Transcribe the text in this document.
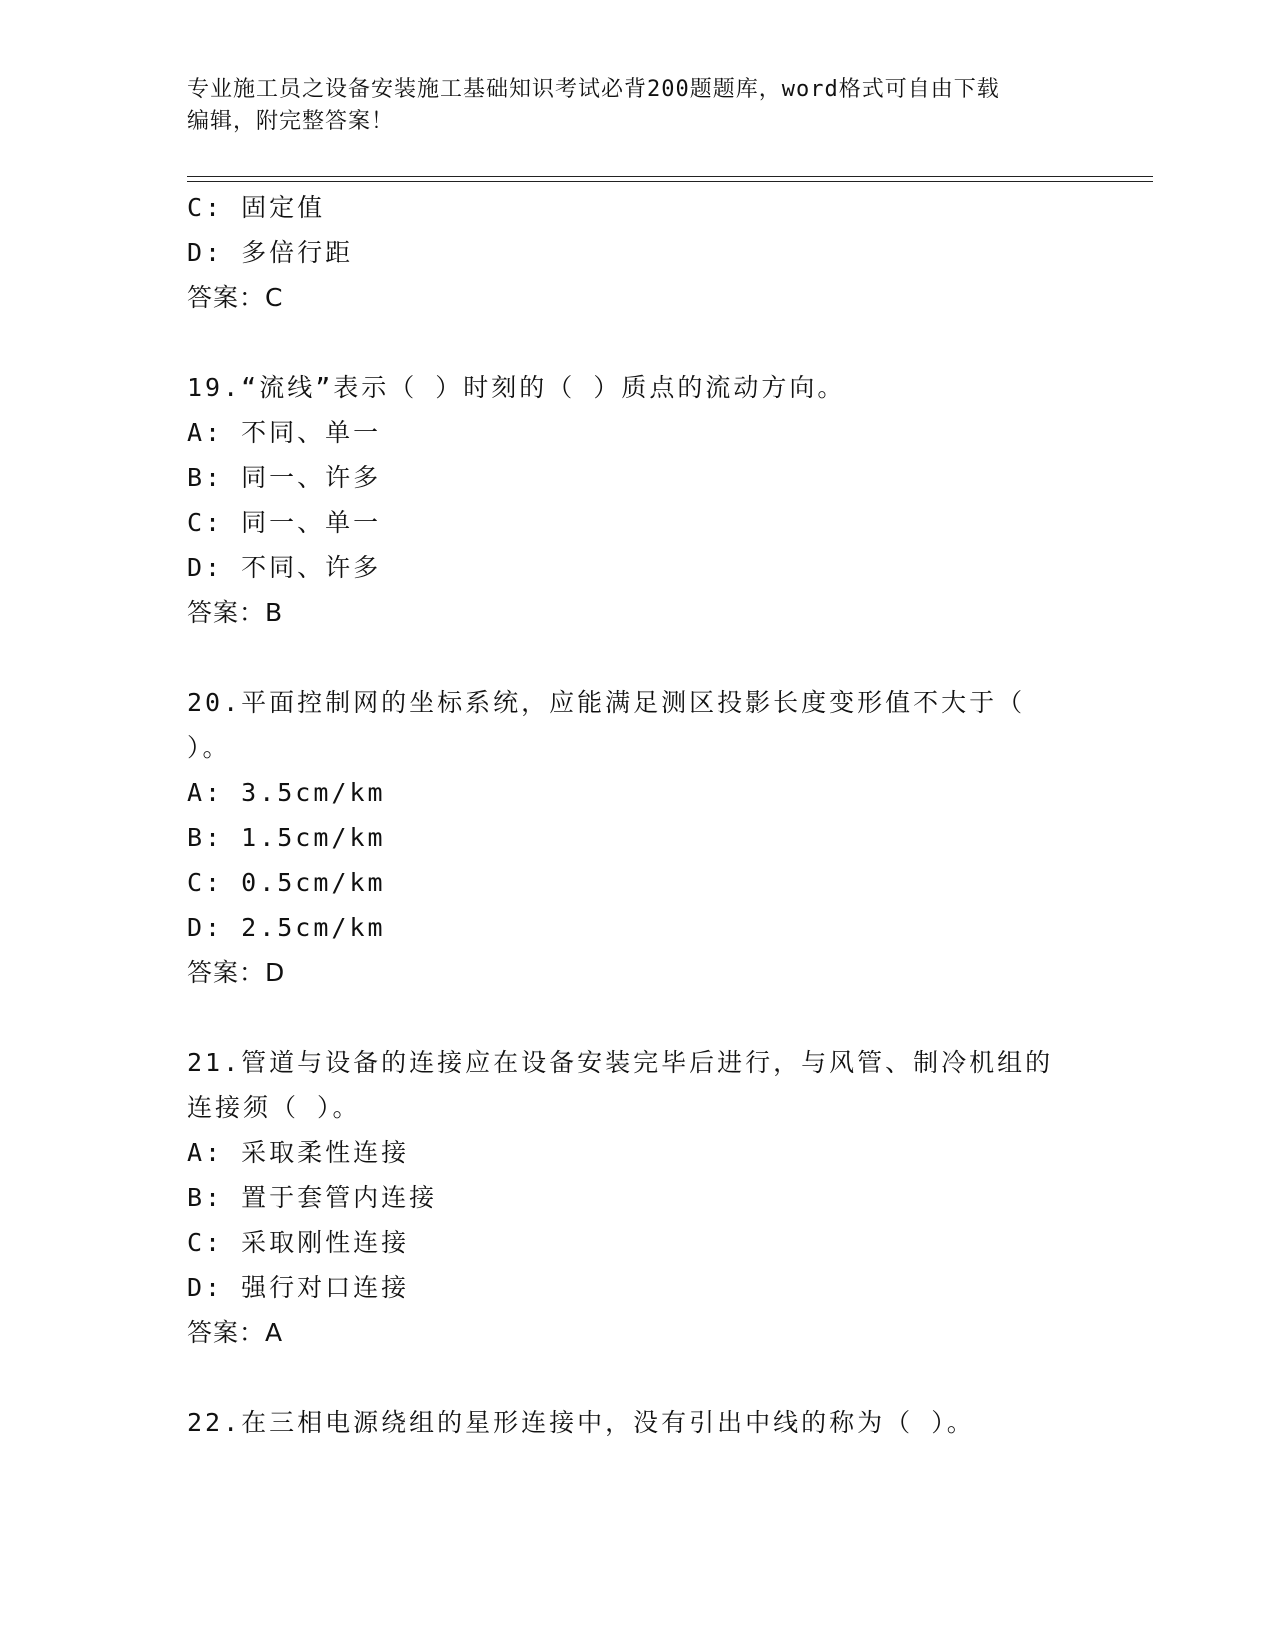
专业施工员之设备安装施工基础知识考试必背200题题库，word格式可自由下载
编辑，附完整答案！
C: 固定值
D: 多倍行距
答案：C
19.“流线”表示（ ）时刻的（ ）质点的流动方向。
A: 不同、单一
B: 同一、许多
C: 同一、单一
D: 不同、许多
答案：B
20.平面控制网的坐标系统，应能满足测区投影长度变形值不大于（
）。
A: 3.5cm/km
B: 1.5cm/km
C: 0.5cm/km
D: 2.5cm/km
答案：D
21.管道与设备的连接应在设备安装完毕后进行，与风管、制冷机组的
连接须（ ）。
A: 采取柔性连接
B: 置于套管内连接
C: 采取刚性连接
D: 强行对口连接
答案：A
22.在三相电源绕组的星形连接中，没有引出中线的称为（ ）。
